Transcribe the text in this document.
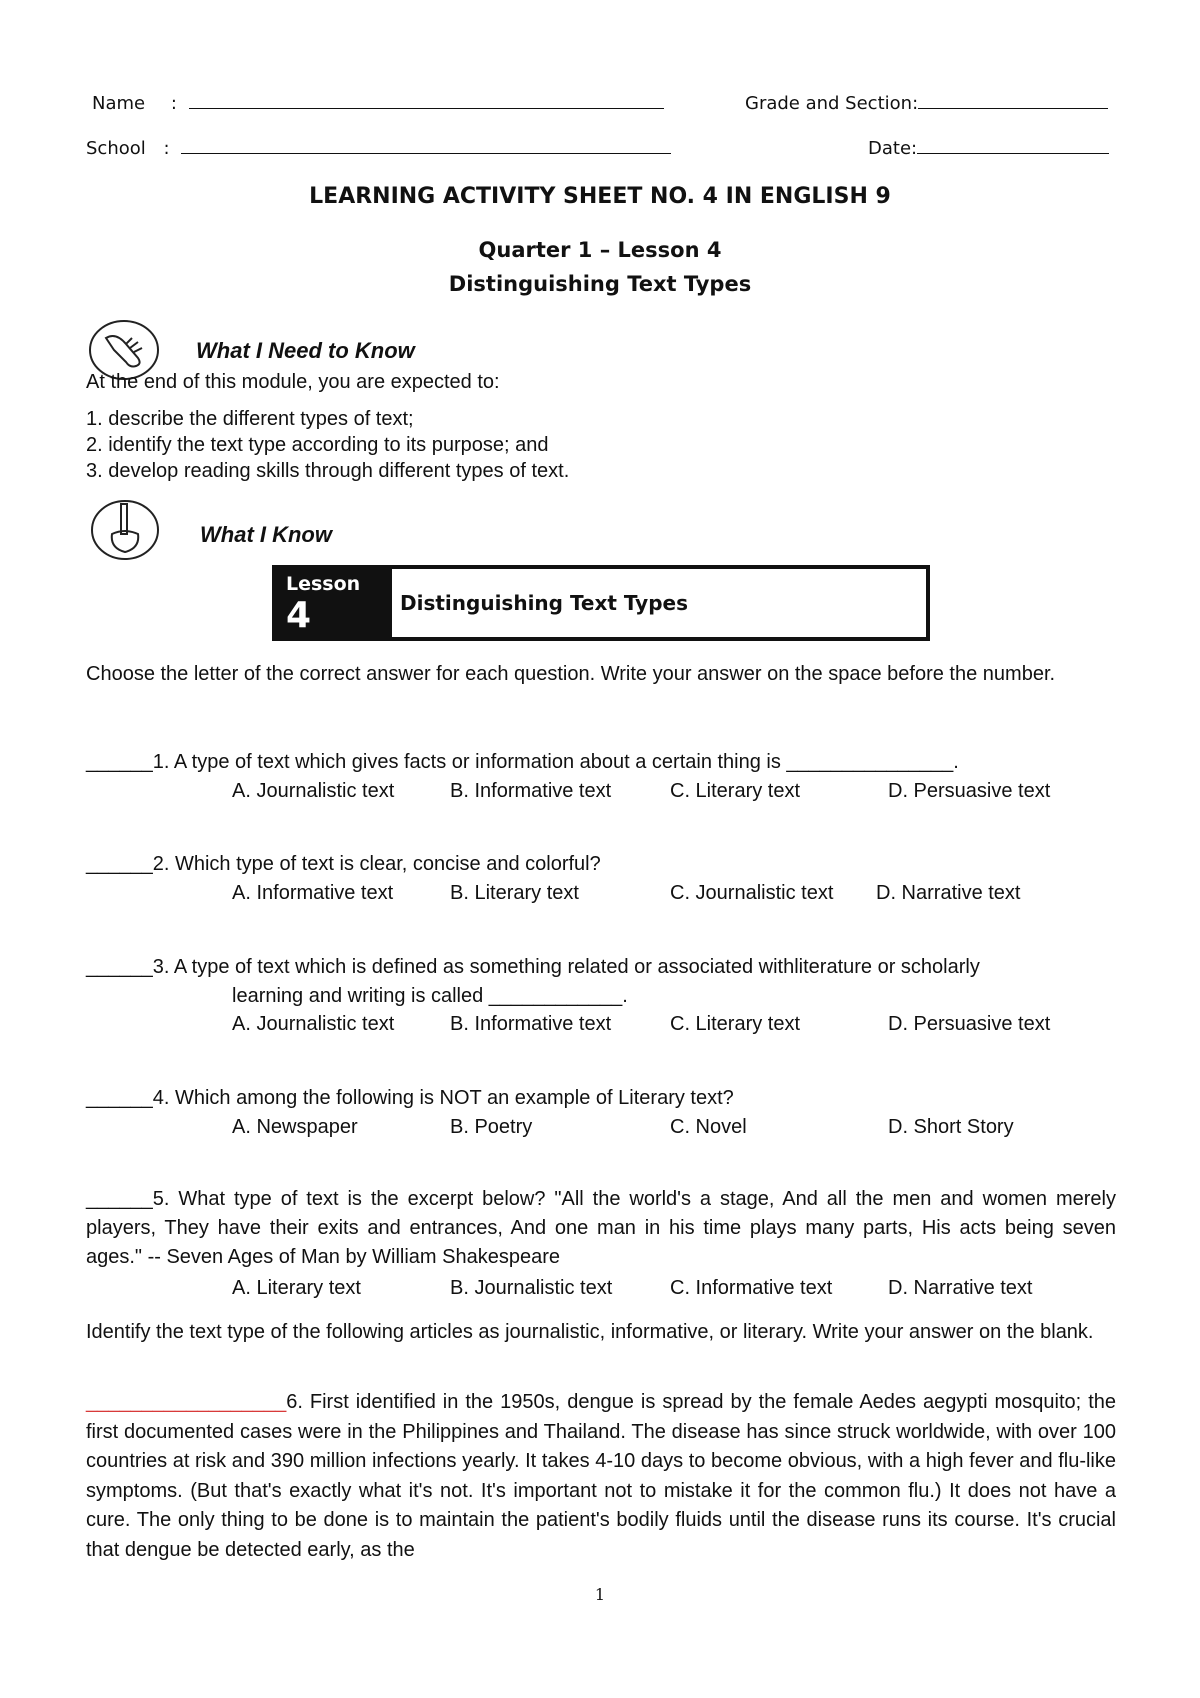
Name :	Grade and Section:
School :	Date:
LEARNING ACTIVITY SHEET NO. 4 IN ENGLISH 9
Quarter 1 – Lesson 4
Distinguishing Text Types
What I Need to Know
At the end of this module, you are expected to:
1. describe the different types of text;
2. identify the text type according to its purpose; and
3. develop reading skills through different types of text.
What I Know
Lesson
4	Distinguishing Text Types
Choose the letter of the correct answer for each question. Write your answer on the space before the number.
______1. A type of text which gives facts or information about a certain thing is _______________.
A. Journalistic text	B. Informative text	C. Literary text	D. Persuasive text
______2. Which type of text is clear, concise and colorful?
A. Informative text	B. Literary text	C. Journalistic text D. Narrative text
______3. A type of text which is defined as something related or associated withliterature or scholarly
learning and writing is called ____________.
A. Journalistic text	B. Informative text	C. Literary text	D. Persuasive text
______4. Which among the following is NOT an example of Literary text?
A. Newspaper	B. Poetry	C. Novel	D. Short Story
______5. What type of text is the excerpt below? "All the world's a stage, And all the men and women merely players, They have their exits and entrances, And one man in his time plays many parts, His acts being seven ages." -- Seven Ages of Man by William Shakespeare
A. Literary text	B. Journalistic text	C. Informative text	D. Narrative text
Identify the text type of the following articles as journalistic, informative, or literary. Write your answer on the blank.
__________________6. First identified in the 1950s, dengue is spread by the female Aedes aegypti mosquito; the first documented cases were in the Philippines and Thailand. The disease has since struck worldwide, with over 100 countries at risk and 390 million infections yearly. It takes 4-10 days to become obvious, with a high fever and flu-like symptoms. (But that's exactly what it's not. It's important not to mistake it for the common flu.) It does not have a cure. The only thing to be done is to maintain the patient's bodily fluids until the disease runs its course. It's crucial that dengue be detected early, as the
1
